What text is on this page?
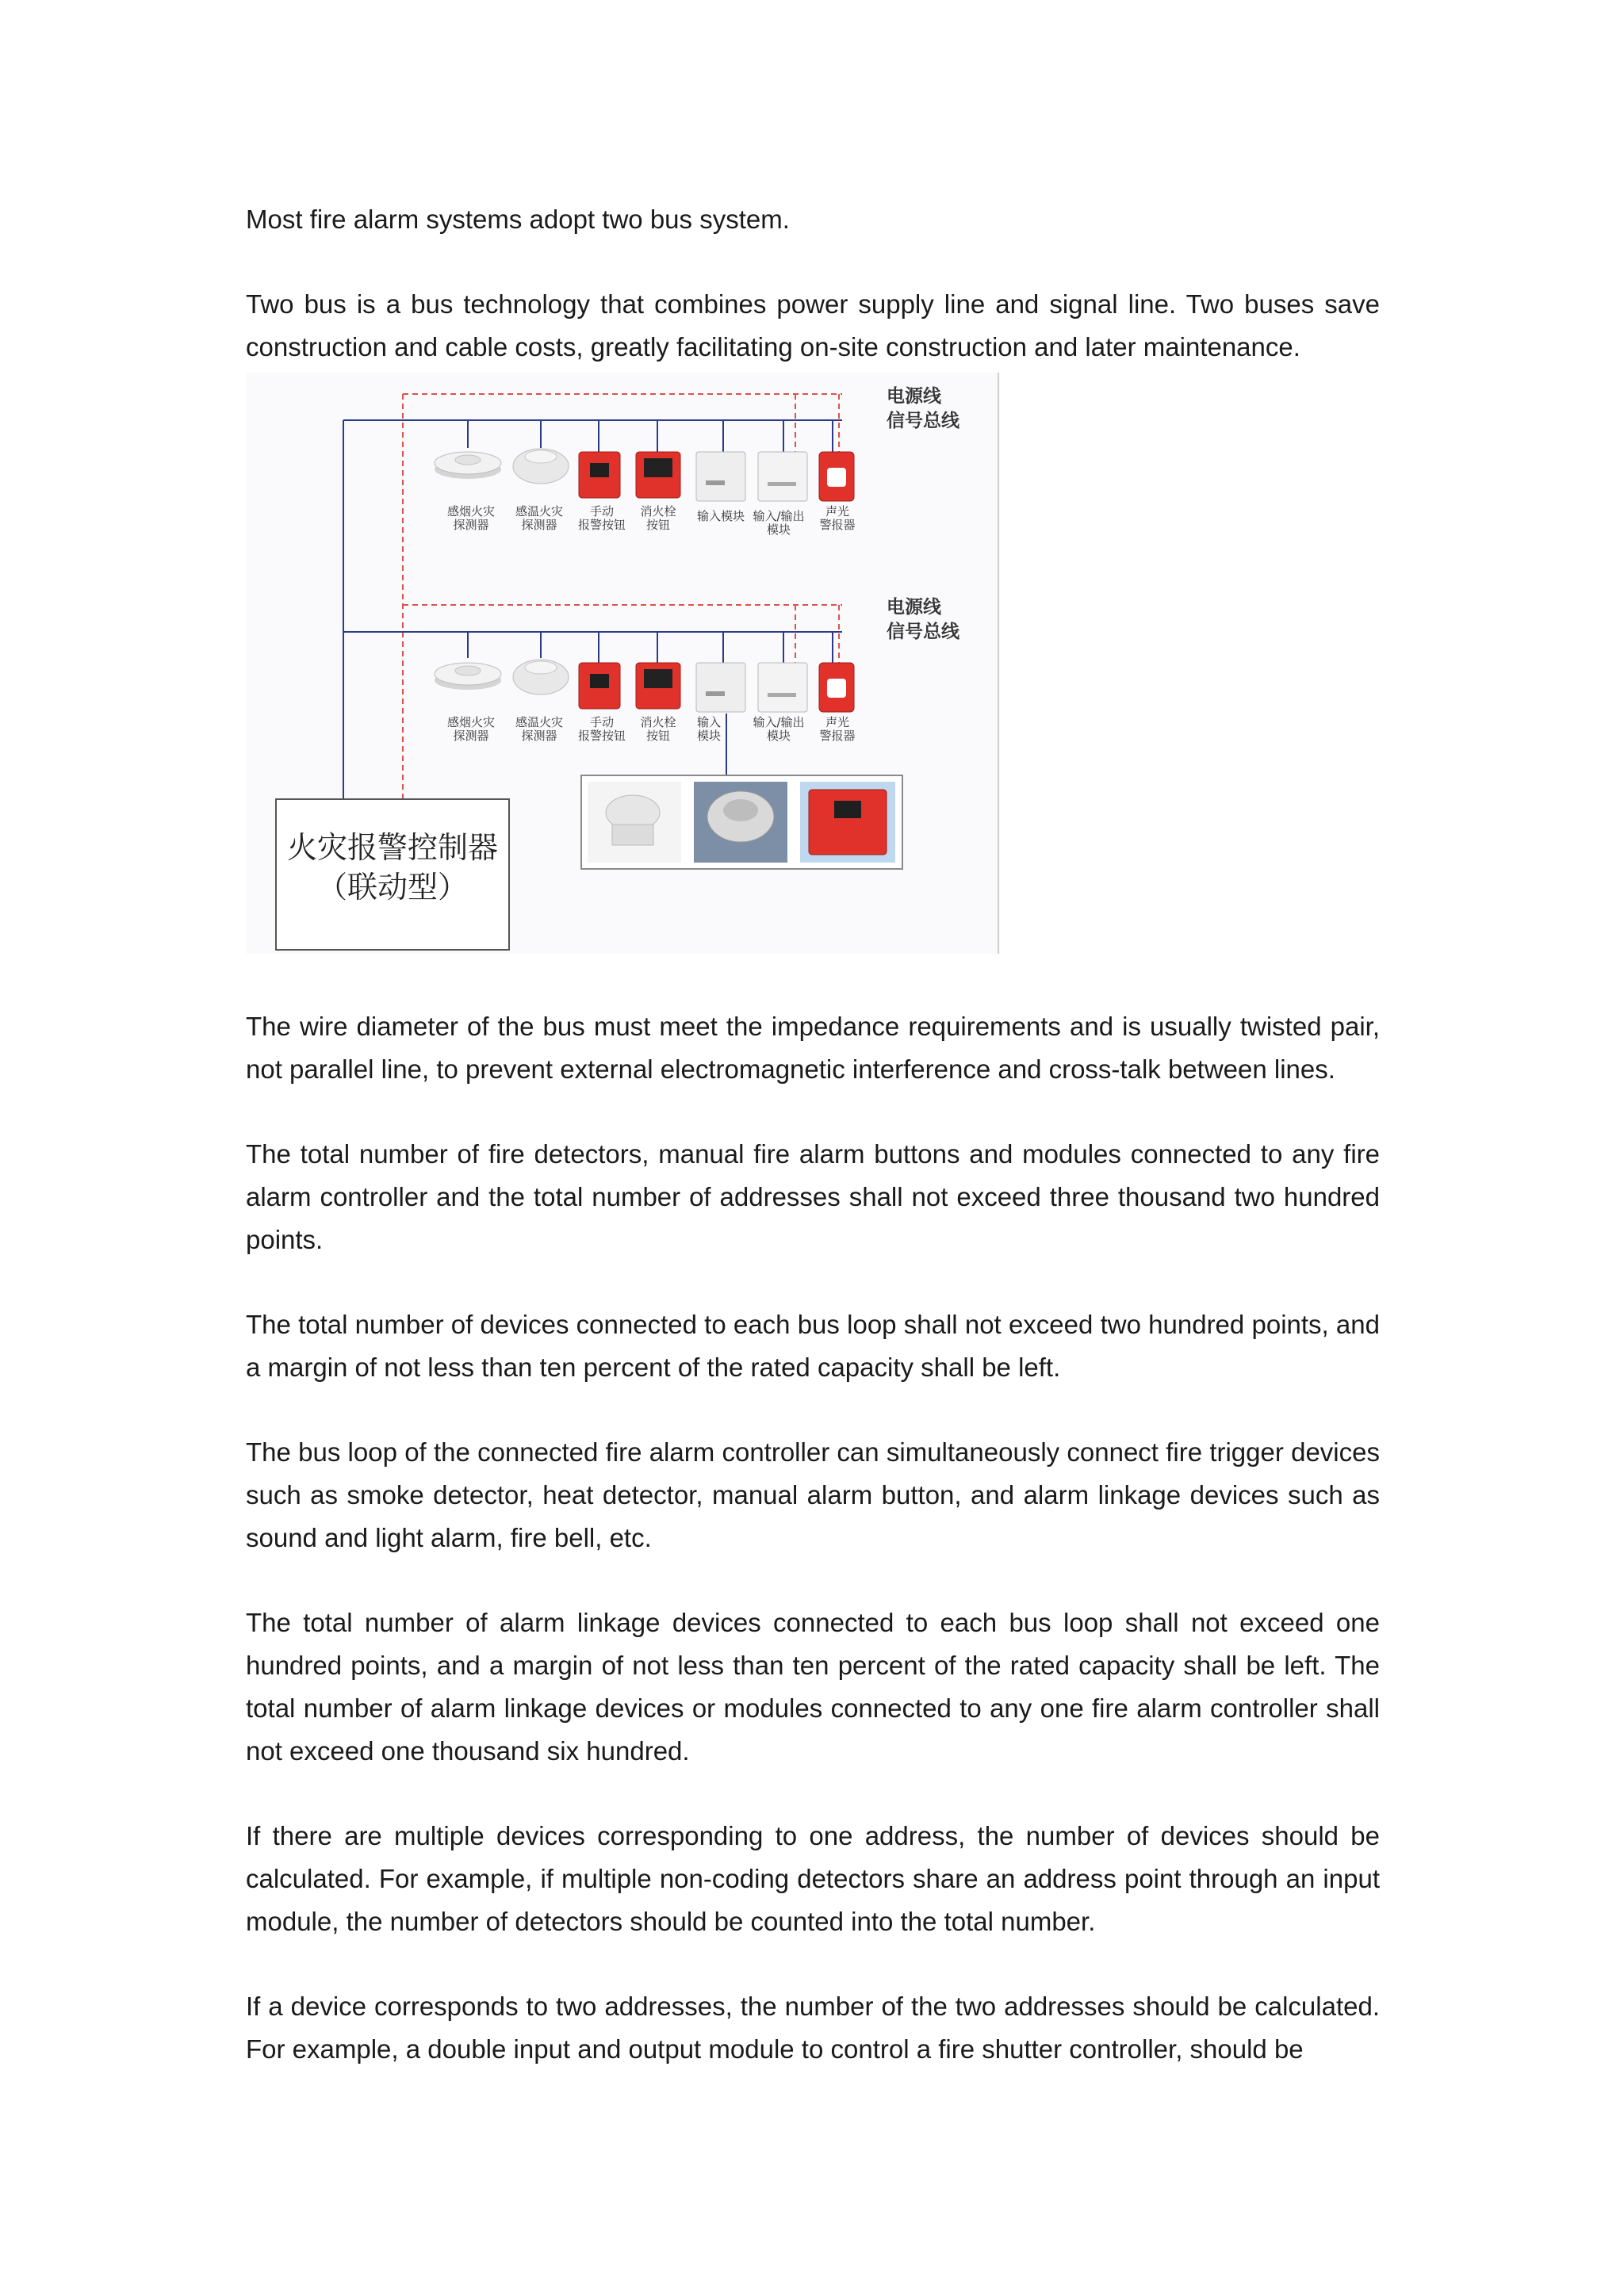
Most fire alarm systems adopt two bus system.

Two bus is a bus technology that combines power supply line and signal line. Two buses save construction and cable costs, greatly facilitating on-site construction and later maintenance.

电源线
信号总线
感烟火灾
探测器
感温火灾
探测器
手动
报警按钮
消火栓
按钮
输入模块 输入/输出
模块
声光
警报器
电源线
信号总线
感烟火灾
探测器
感温火灾
探测器
手动
报警按钮
消火栓
按钮
输入
模块
输入/输出
模块
声光
警报器
火灾报警控制器
（联动型）

The wire diameter of the bus must meet the impedance requirements and is usually twisted pair, not parallel line, to prevent external electromagnetic interference and cross-talk between lines.

The total number of fire detectors, manual fire alarm buttons and modules connected to any fire alarm controller and the total number of addresses shall not exceed three thousand two hundred points.

The total number of devices connected to each bus loop shall not exceed two hundred points, and a margin of not less than ten percent of the rated capacity shall be left.

The bus loop of the connected fire alarm controller can simultaneously connect fire trigger devices such as smoke detector, heat detector, manual alarm button, and alarm linkage devices such as sound and light alarm, fire bell, etc.

The total number of alarm linkage devices connected to each bus loop shall not exceed one hundred points, and a margin of not less than ten percent of the rated capacity shall be left. The total number of alarm linkage devices or modules connected to any one fire alarm controller shall not exceed one thousand six hundred.

If there are multiple devices corresponding to one address, the number of devices should be calculated. For example, if multiple non-coding detectors share an address point through an input module, the number of detectors should be counted into the total number.

If a device corresponds to two addresses, the number of the two addresses should be calculated. For example, a double input and output module to control a fire shutter controller, should be
